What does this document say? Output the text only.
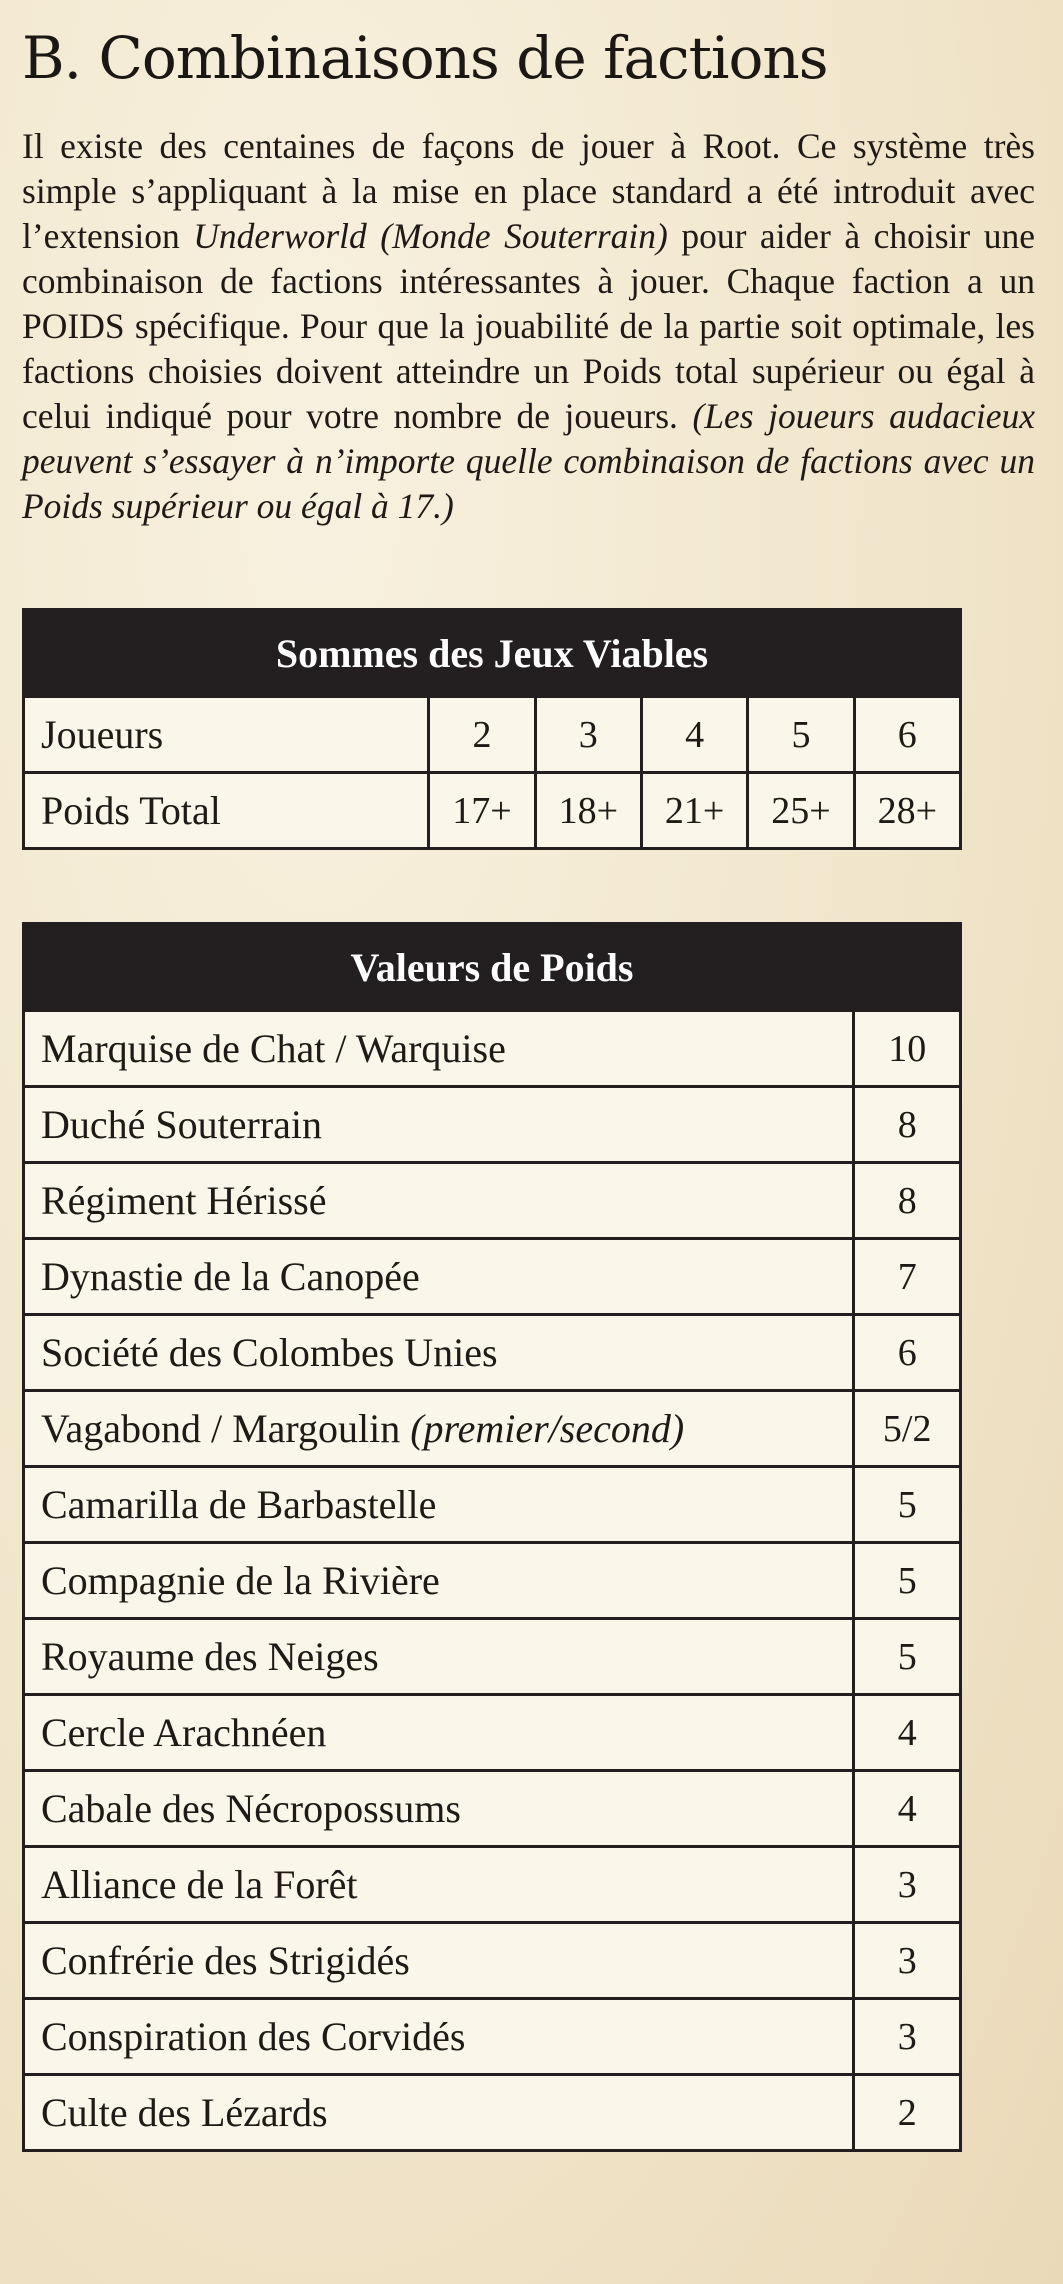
B. Combinaisons de factions

Il existe des centaines de façons de jouer à Root. Ce système très simple s’appliquant à la mise en place standard a été introduit avec l’extension Underworld (Monde Souterrain) pour aider à choisir une combinaison de factions intéressantes à jouer. Chaque faction a un POIDS spécifique. Pour que la jouabilité de la partie soit optimale, les factions choisies doivent atteindre un Poids total supérieur ou égal à celui indiqué pour votre nombre de joueurs. (Les joueurs audacieux peuvent s’essayer à n’importe quelle combinaison de factions avec un Poids supérieur ou égal à 17.)

Sommes des Jeux Viables					
Joueurs	2	3	4	5	6
Poids Total	17+	18+	21+	25+	28+
Valeurs de Poids	
Marquise de Chat / Warquise	10
Duché Souterrain	8
Régiment Hérissé	8
Dynastie de la Canopée	7
Société des Colombes Unies	6
Vagabond / Margoulin (premier/second)	5/2
Camarilla de Barbastelle	5
Compagnie de la Rivière	5
Royaume des Neiges	5
Cercle Arachnéen	4
Cabale des Nécropossums	4
Alliance de la Forêt	3
Confrérie des Strigidés	3
Conspiration des Corvidés	3
Culte des Lézards	2
